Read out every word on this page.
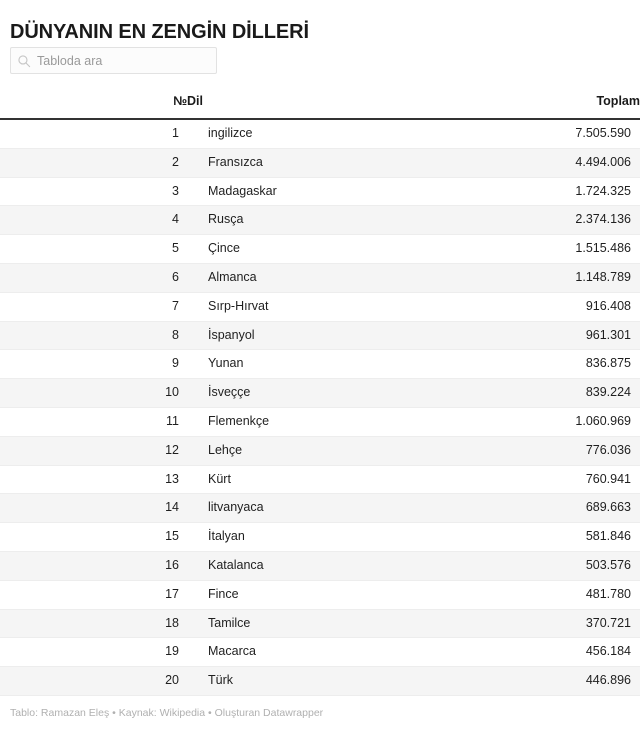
DÜNYANIN EN ZENGİN DİLLERİ
Tabloda ara
№	Dil	Toplam
1	ingilizce	7.505.590
2	Fransızca	4.494.006
3	Madagaskar	1.724.325
4	Rusça	2.374.136
5	Çince	1.515.486
6	Almanca	1.148.789
7	Sırp-Hırvat	916.408
8	İspanyol	961.301
9	Yunan	836.875
10	İsveççe	839.224
11	Flemenkçe	1.060.969
12	Lehçe	776.036
13	Kürt	760.941
14	litvanyaca	689.663
15	İtalyan	581.846
16	Katalanca	503.576
17	Fince	481.780
18	Tamilce	370.721
19	Macarca	456.184
20	Türk	446.896
Tablo: Ramazan Eleş • Kaynak: Wikipedia • Oluşturan Datawrapper
